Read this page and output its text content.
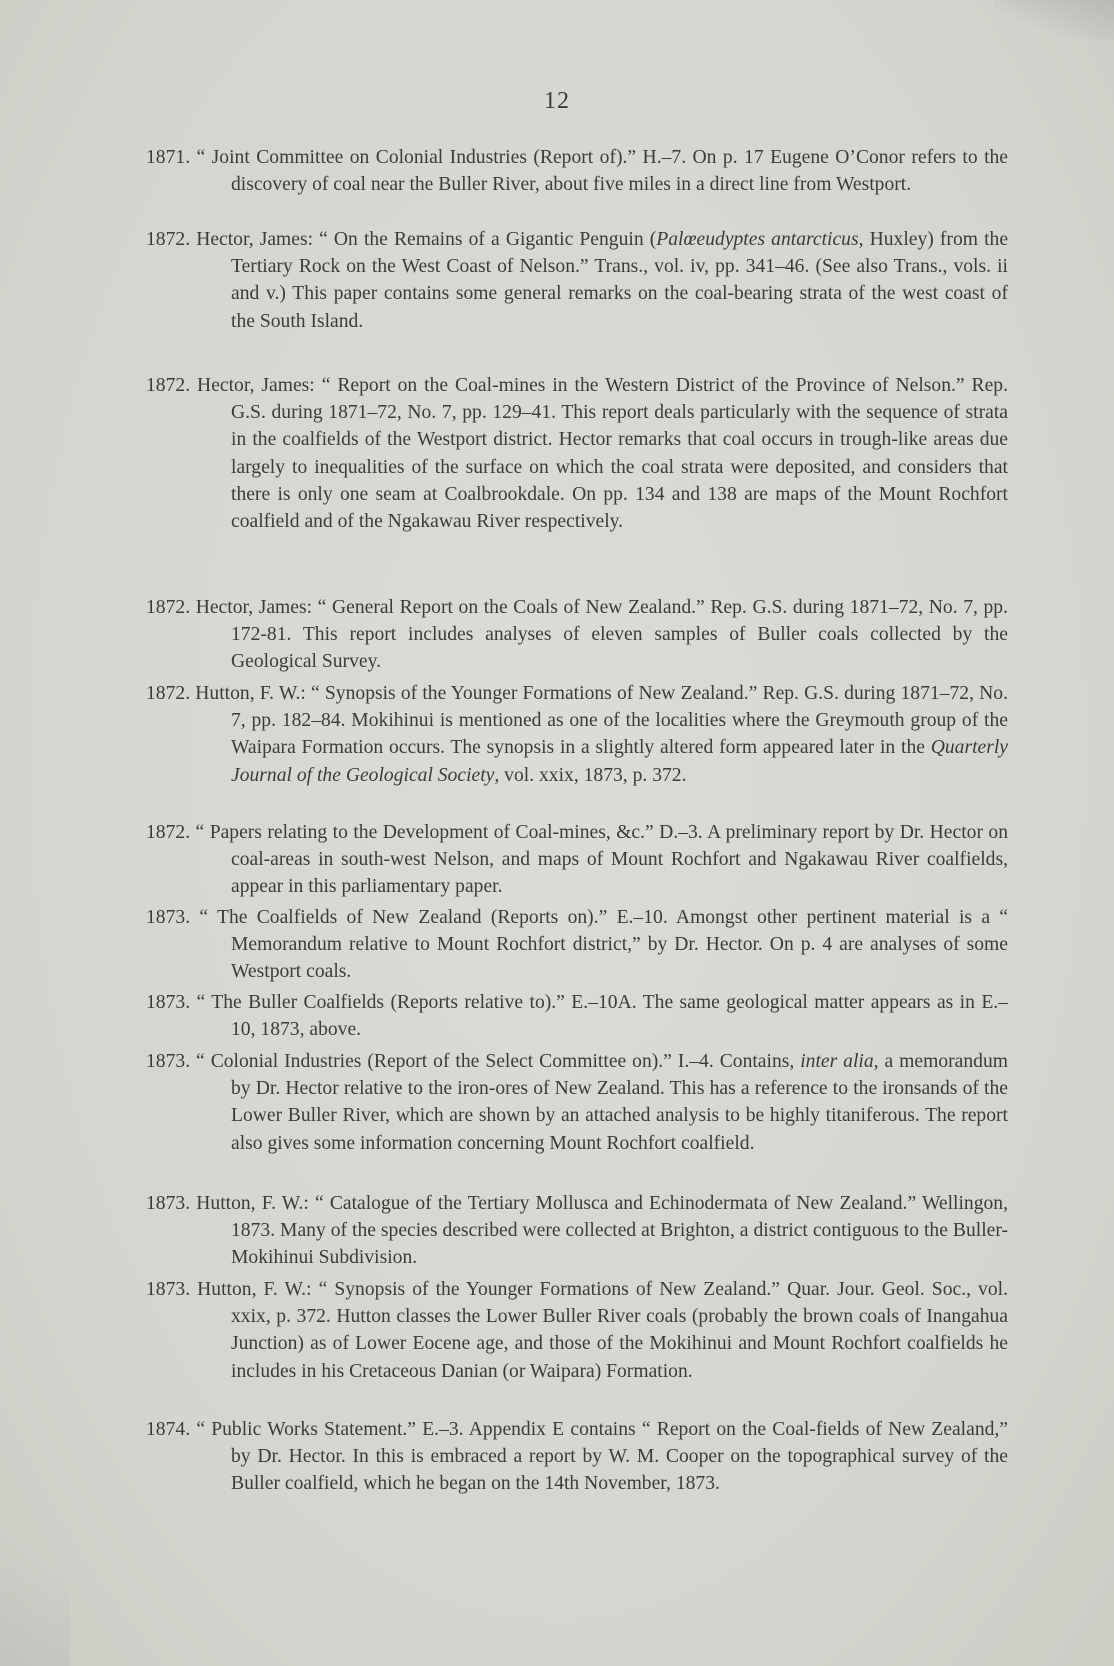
12
1871. “ Joint Committee on Colonial Industries (Report of).” H.–7. On p. 17 Eugene O’Conor refers to the discovery of coal near the Buller River, about five miles in a direct line from Westport.
1872. Hector, James: “ On the Remains of a Gigantic Penguin (Palœeudyptes antarcticus, Huxley) from the Tertiary Rock on the West Coast of Nelson.” Trans., vol. iv, pp. 341–46. (See also Trans., vols. ii and v.) This paper contains some general remarks on the coal-bearing strata of the west coast of the South Island.
1872. Hector, James: “ Report on the Coal-mines in the Western District of the Province of Nelson.” Rep. G.S. during 1871–72, No. 7, pp. 129–41. This report deals particularly with the sequence of strata in the coalfields of the Westport district. Hector remarks that coal occurs in trough-like areas due largely to inequalities of the surface on which the coal strata were deposited, and considers that there is only one seam at Coalbrookdale. On pp. 134 and 138 are maps of the Mount Rochfort coalfield and of the Ngakawau River respectively.
1872. Hector, James: “ General Report on the Coals of New Zealand.” Rep. G.S. during 1871–72, No. 7, pp. 172-81. This report includes analyses of eleven samples of Buller coals collected by the Geological Survey.
1872. Hutton, F. W.: “ Synopsis of the Younger Formations of New Zealand.” Rep. G.S. during 1871–72, No. 7, pp. 182–84. Mokihinui is mentioned as one of the localities where the Greymouth group of the Waipara Formation occurs. The synopsis in a slightly altered form appeared later in the Quarterly Journal of the Geological Society, vol. xxix, 1873, p. 372.
1872. “ Papers relating to the Development of Coal-mines, &c.” D.–3. A preliminary report by Dr. Hector on coal-areas in south-west Nelson, and maps of Mount Rochfort and Ngakawau River coalfields, appear in this parliamentary paper.
1873. “ The Coalfields of New Zealand (Reports on).” E.–10. Amongst other pertinent material is a “ Memorandum relative to Mount Rochfort district,” by Dr. Hector. On p. 4 are analyses of some Westport coals.
1873. “ The Buller Coalfields (Reports relative to).” E.–10A. The same geological matter appears as in E.–10, 1873, above.
1873. “ Colonial Industries (Report of the Select Committee on).” I.–4. Contains, inter alia, a memorandum by Dr. Hector relative to the iron-ores of New Zealand. This has a reference to the ironsands of the Lower Buller River, which are shown by an attached analysis to be highly titaniferous. The report also gives some information concerning Mount Rochfort coalfield.
1873. Hutton, F. W.: “ Catalogue of the Tertiary Mollusca and Echinodermata of New Zealand.” Wellingon, 1873. Many of the species described were collected at Brighton, a district contiguous to the Buller-Mokihinui Subdivision.
1873. Hutton, F. W.: “ Synopsis of the Younger Formations of New Zealand.” Quar. Jour. Geol. Soc., vol. xxix, p. 372. Hutton classes the Lower Buller River coals (probably the brown coals of Inangahua Junction) as of Lower Eocene age, and those of the Mokihinui and Mount Rochfort coalfields he includes in his Cretaceous Danian (or Waipara) Formation.
1874. “ Public Works Statement.” E.–3. Appendix E contains “ Report on the Coal-fields of New Zealand,” by Dr. Hector. In this is embraced a report by W. M. Cooper on the topographical survey of the Buller coalfield, which he began on the 14th November, 1873.
